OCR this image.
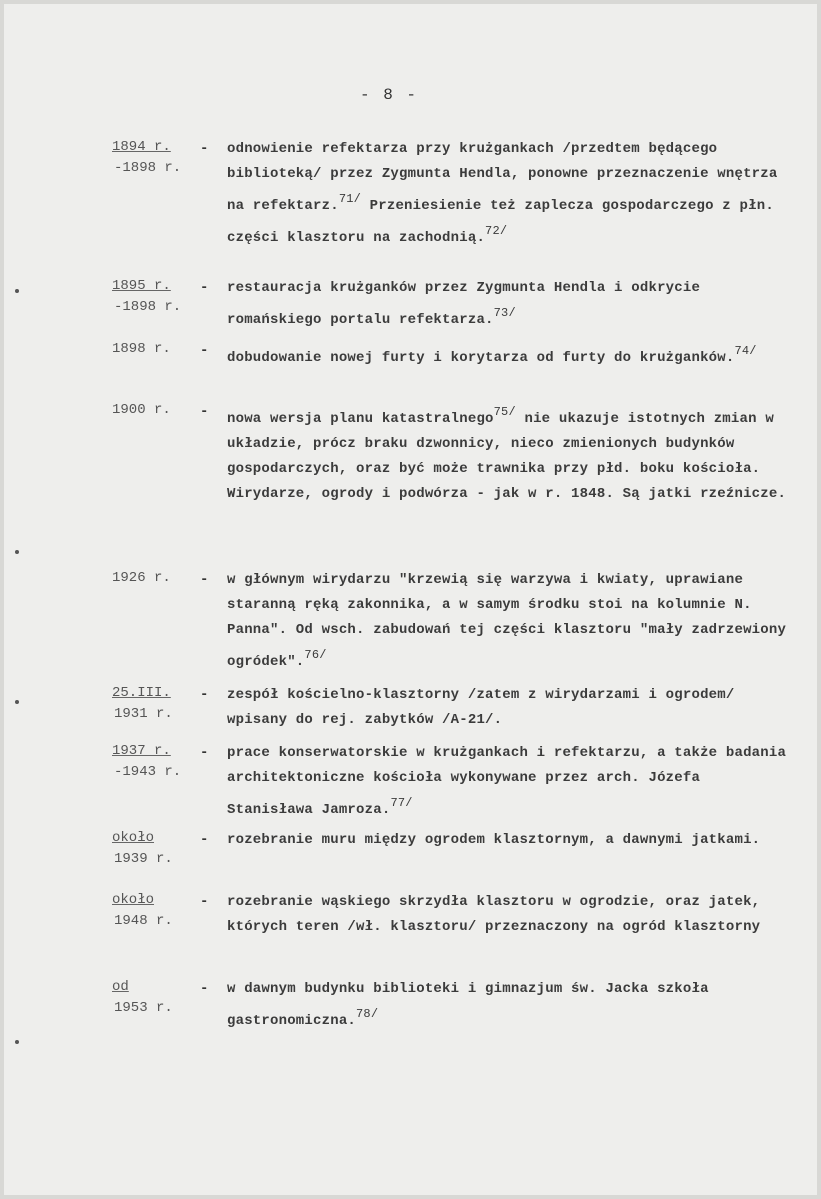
- 8 -
1894 r.
-1898 r.
- odnowienie refektarza przy krużgankach /przedtem będącego biblioteką/ przez Zygmunta Hendla, ponowne przeznaczenie wnętrza na refektarz.$^{71/}$ Przeniesienie też zaplecza gospodarczego z płn. części klasztoru na zachodnią.$^{72/}$
1895 r.
-1898 r.
- restauracja krużganków przez Zygmunta Hendla i odkrycie romańskiego portalu refektarza.$^{73/}$
1898 r.	- dobudowanie nowej furty i korytarza od furty do krużganków.$^{74/}$
1900 r.	- nowa wersja planu katastralnego$^{75/}$ nie ukazuje istotnych zmian w układzie, prócz braku dzwonnicy, nieco zmienionych budynków gospodarczych, oraz być może trawnika przy płd. boku kościoła. Wirydarze, ogrody i podwórza - jak w r. 1848. Są jatki rzeźnicze.
1926 r.	- w głównym wirydarzu "krzewią się warzywa i kwiaty, uprawiane staranną ręką zakonnika, a w samym środku stoi na kolumnie N. Panna". Od wsch. zabudowań tej części klasztoru "mały zadrzewiony ogródek".$^{76/}$
25.III.
1931 r.
- zespół kościelno-klasztorny /zatem z wirydarzami i ogrodem/ wpisany do rej. zabytków /A-21/.
1937 r.
-1943 r.
- prace konserwatorskie w krużgankach i refektarzu, a także badania architektoniczne kościoła wykonywane przez arch. Józefa Stanisława Jamroza.$^{77/}$
około
1939 r.
- rozebranie muru między ogrodem klasztornym, a dawnymi jatkami.
około
1948 r.
- rozebranie wąskiego skrzydła klasztoru w ogrodzie, oraz jatek, których teren /wł. klasztoru/ przeznaczony na ogród klasztorny
od
1953 r.
- w dawnym budynku biblioteki i gimnazjum św. Jacka szkoła gastronomiczna.$^{78/}$
